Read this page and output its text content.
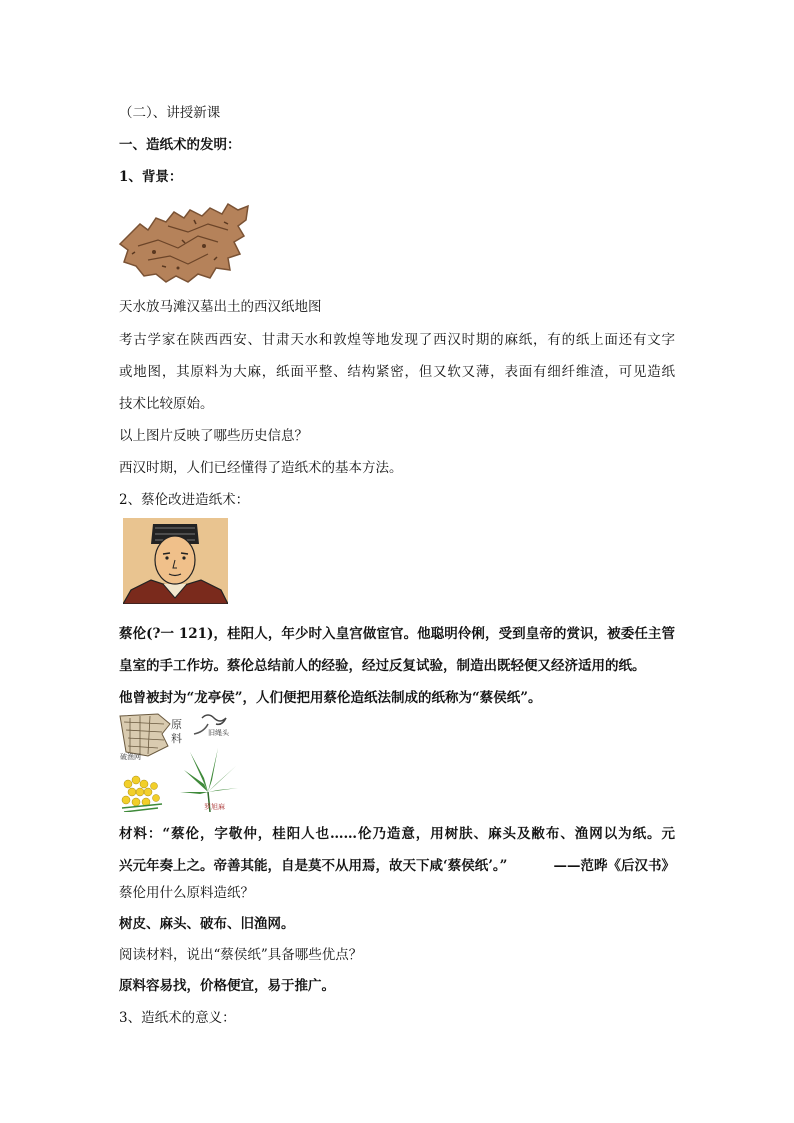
（二）、讲授新课
一、造纸术的发明：
1、背景：
天水放马滩汉墓出土的西汉纸地图
考古学家在陕西西安、甘肃天水和敦煌等地发现了西汉时期的麻纸，有的纸上面还有文字
或地图，其原料为大麻，纸面平整、结构紧密，但又软又薄，表面有细纤维渣，可见造纸
技术比较原始。
以上图片反映了哪些历史信息？
西汉时期，人们已经懂得了造纸术的基本方法。
2、蔡伦改进造纸术：
蔡伦(?一 121)，桂阳人，年少时入皇宫做宦官。他聪明伶俐，受到皇帝的赏识，被委任主管
皇室的手工作坊。蔡伦总结前人的经验，经过反复试验，制造出既轻便又经济适用的纸。
他曾被封为“龙亭侯”，人们便把用蔡伦造纸法制成的纸称为“蔡侯纸”。
原
料	旧绳头
破渔网
罗旭麻
材料：“蔡伦，字敬仲，桂阳人也……伦乃造意，用树肤、麻头及敝布、渔网以为纸。元
兴元年奏上之。帝善其能，自是莫不从用焉，故天下咸‘蔡侯纸’。”	——范晔《后汉书》
蔡伦用什么原料造纸？
树皮、麻头、破布、旧渔网。
阅读材料，说出“蔡侯纸”具备哪些优点？
原料容易找，价格便宜，易于推广。
3、造纸术的意义：
